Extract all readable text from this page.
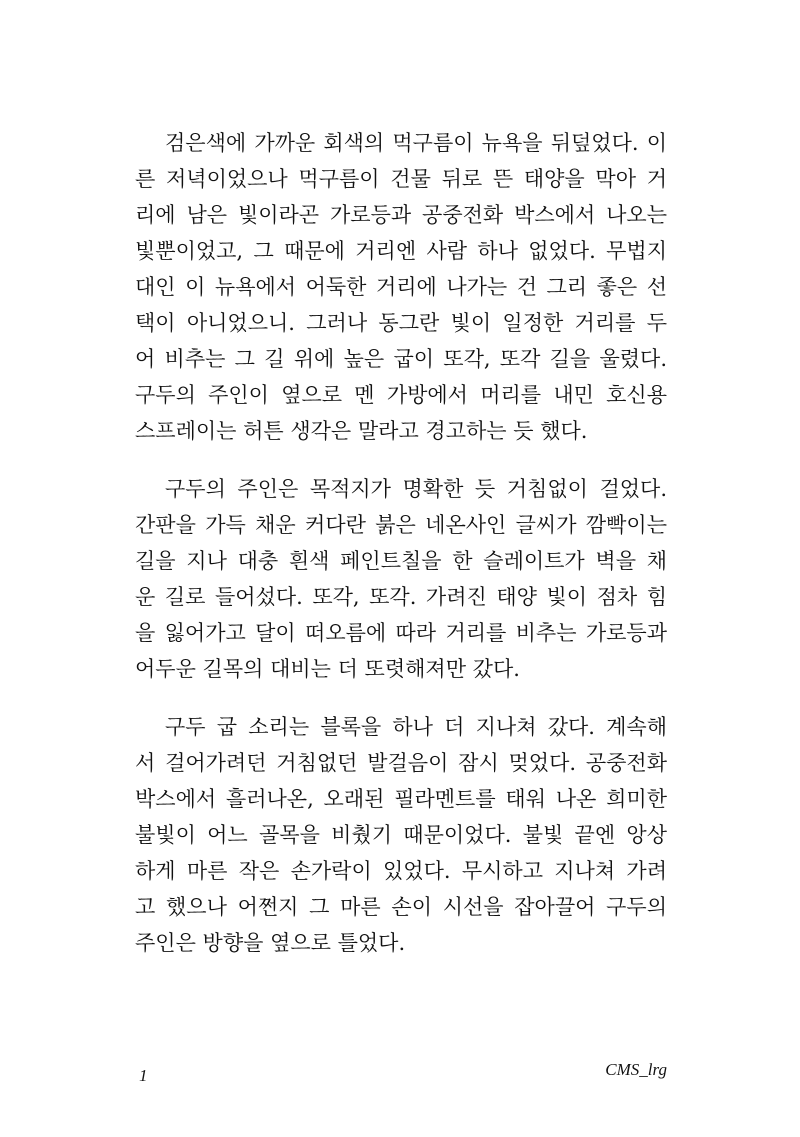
검은색에 가까운 회색의 먹구름이 뉴욕을 뒤덮었다. 이
른 저녁이었으나 먹구름이 건물 뒤로 뜬 태양을 막아 거
리에 남은 빛이라곤 가로등과 공중전화 박스에서 나오는
빛뿐이었고, 그 때문에 거리엔 사람 하나 없었다. 무법지
대인 이 뉴욕에서 어둑한 거리에 나가는 건 그리 좋은 선
택이 아니었으니. 그러나 동그란 빛이 일정한 거리를 두
어 비추는 그 길 위에 높은 굽이 또각, 또각 길을 울렸다.
구두의 주인이 옆으로 멘 가방에서 머리를 내민 호신용
스프레이는 허튼 생각은 말라고 경고하는 듯 했다.
구두의 주인은 목적지가 명확한 듯 거침없이 걸었다.
간판을 가득 채운 커다란 붉은 네온사인 글씨가 깜빡이는
길을 지나 대충 흰색 페인트칠을 한 슬레이트가 벽을 채
운 길로 들어섰다. 또각, 또각. 가려진 태양 빛이 점차 힘
을 잃어가고 달이 떠오름에 따라 거리를 비추는 가로등과
어두운 길목의 대비는 더 또렷해져만 갔다.
구두 굽 소리는 블록을 하나 더 지나쳐 갔다. 계속해
서 걸어가려던 거침없던 발걸음이 잠시 멎었다. 공중전화
박스에서 흘러나온, 오래된 필라멘트를 태워 나온 희미한
불빛이 어느 골목을 비췄기 때문이었다. 불빛 끝엔 앙상
하게 마른 작은 손가락이 있었다. 무시하고 지나쳐 가려
고 했으나 어쩐지 그 마른 손이 시선을 잡아끌어 구두의
주인은 방향을 옆으로 틀었다.
1	CMS_lrg
